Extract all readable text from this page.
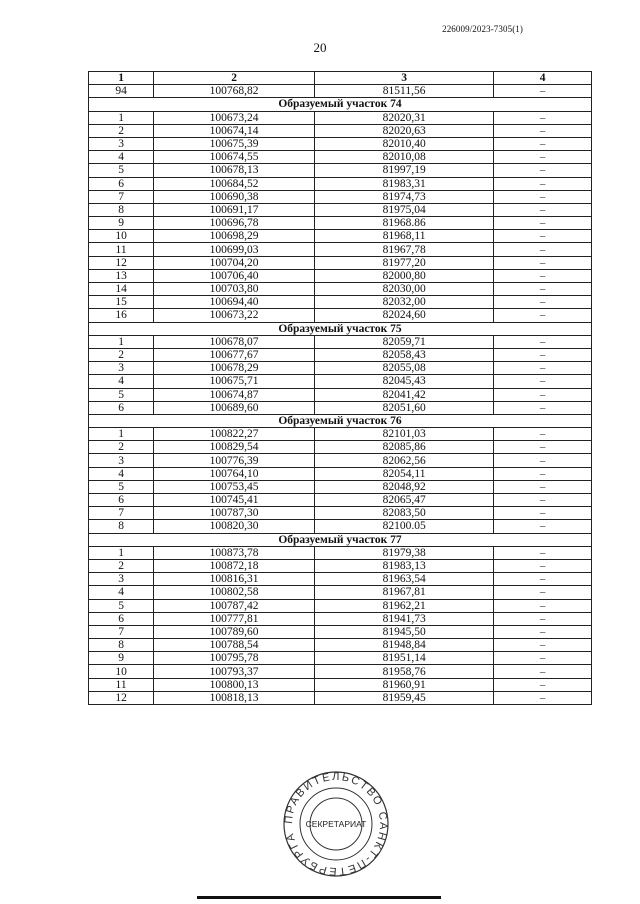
226009/2023-7305(1)
20
1	2	3	4
94	100768,82	81511,56	–
Образуемый участок 74			
1	100673,24	82020,31	–
2	100674,14	82020,63	–
3	100675,39	82010,40	–
4	100674,55	82010,08	–
5	100678,13	81997,19	–
6	100684,52	81983,31	–
7	100690,38	81974,73	–
8	100691,17	81975,04	–
9	100696,78	81968.86	–
10	100698,29	81968,11	–
11	100699,03	81967,78	–
12	100704,20	81977,20	–
13	100706,40	82000,80	–
14	100703,80	82030,00	–
15	100694,40	82032,00	–
16	100673,22	82024,60	–
Образуемый участок 75			
1	100678,07	82059,71	–
2	100677,67	82058,43	–
3	100678,29	82055,08	–
4	100675,71	82045,43	–
5	100674,87	82041,42	–
6	100689,60	82051,60	–
Образуемый участок 76			
1	100822,27	82101,03	–
2	100829,54	82085,86	–
3	100776,39	82062,56	–
4	100764,10	82054,11	–
5	100753,45	82048,92	–
6	100745,41	82065,47	–
7	100787,30	82083,50	–
8	100820,30	82100.05	–
Образуемый участок 77			
1	100873,78	81979,38	–
2	100872,18	81983,13	–
3	100816,31	81963,54	–
4	100802,58	81967,81	–
5	100787,42	81962,21	–
6	100777,81	81941,73	–
7	100789,60	81945,50	–
8	100788,54	81948,84	–
9	100795,78	81951,14	–
10	100793,37	81958,76	–
11	100800,13	81960,91	–
12	100818,13	81959,45	–
ПРАВИТЕЛЬСТВО САНКТ-ПЕТЕРБУРГА
СЕКРЕТАРИАТ
